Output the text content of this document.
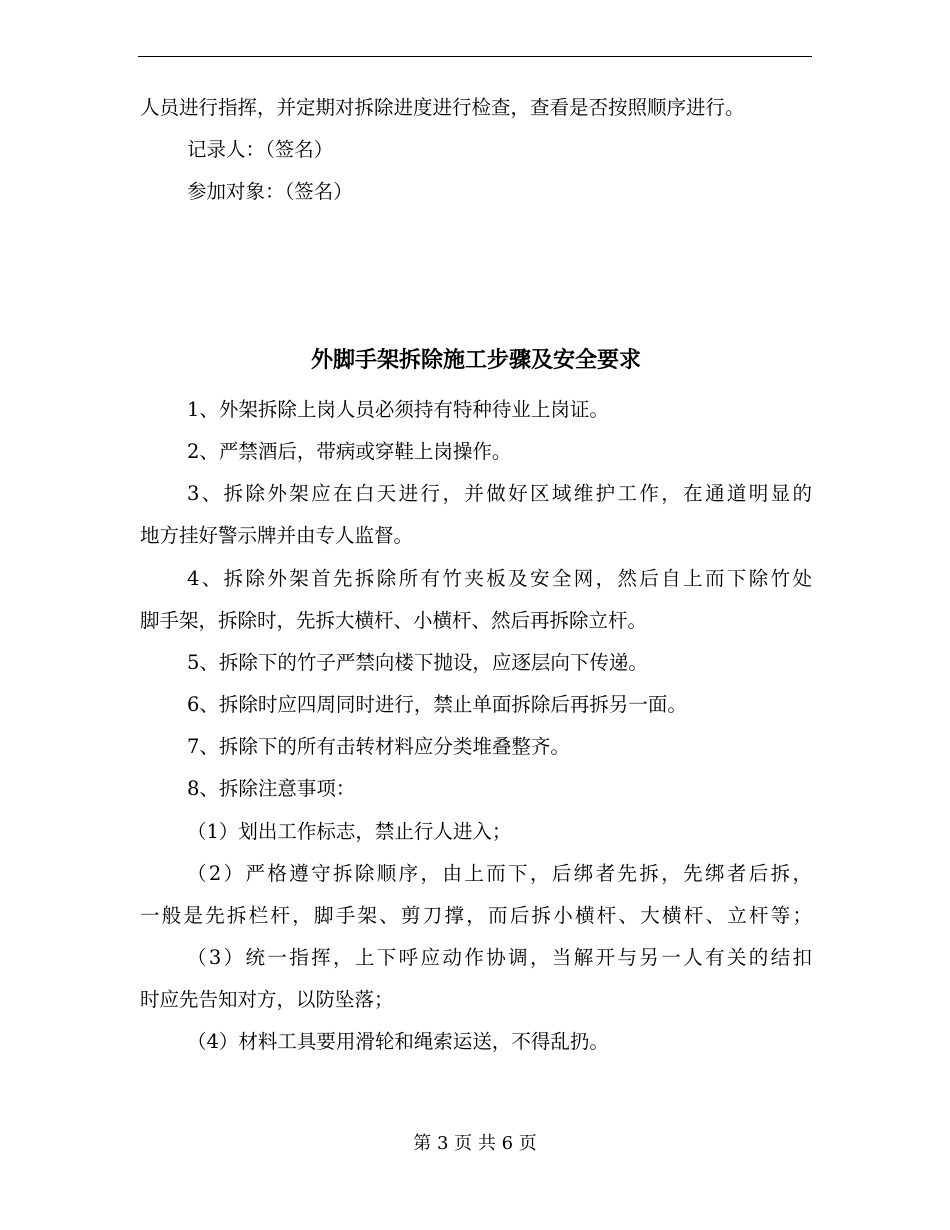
人员进行指挥，并定期对拆除进度进行检查，查看是否按照顺序进行。
记录人：（签名）
参加对象：（签名）
外脚手架拆除施工步骤及安全要求
1、外架拆除上岗人员必须持有特种待业上岗证。
2、严禁酒后，带病或穿鞋上岗操作。
3、拆除外架应在白天进行，并做好区域维护工作，在通道明显的
地方挂好警示牌并由专人监督。
4、拆除外架首先拆除所有竹夹板及安全网，然后自上而下除竹处
脚手架，拆除时，先拆大横杆、小横杆、然后再拆除立杆。
5、拆除下的竹子严禁向楼下抛设，应逐层向下传递。
6、拆除时应四周同时进行，禁止单面拆除后再拆另一面。
7、拆除下的所有击转材料应分类堆叠整齐。
8、拆除注意事项：
（1）划出工作标志，禁止行人进入；
（2）严格遵守拆除顺序，由上而下，后绑者先拆，先绑者后拆，
一般是先拆栏杆，脚手架、剪刀撑，而后拆小横杆、大横杆、立杆等；
（3）统一指挥，上下呼应动作协调，当解开与另一人有关的结扣
时应先告知对方，以防坠落；
（4）材料工具要用滑轮和绳索运送，不得乱扔。
第 3 页 共 6 页
